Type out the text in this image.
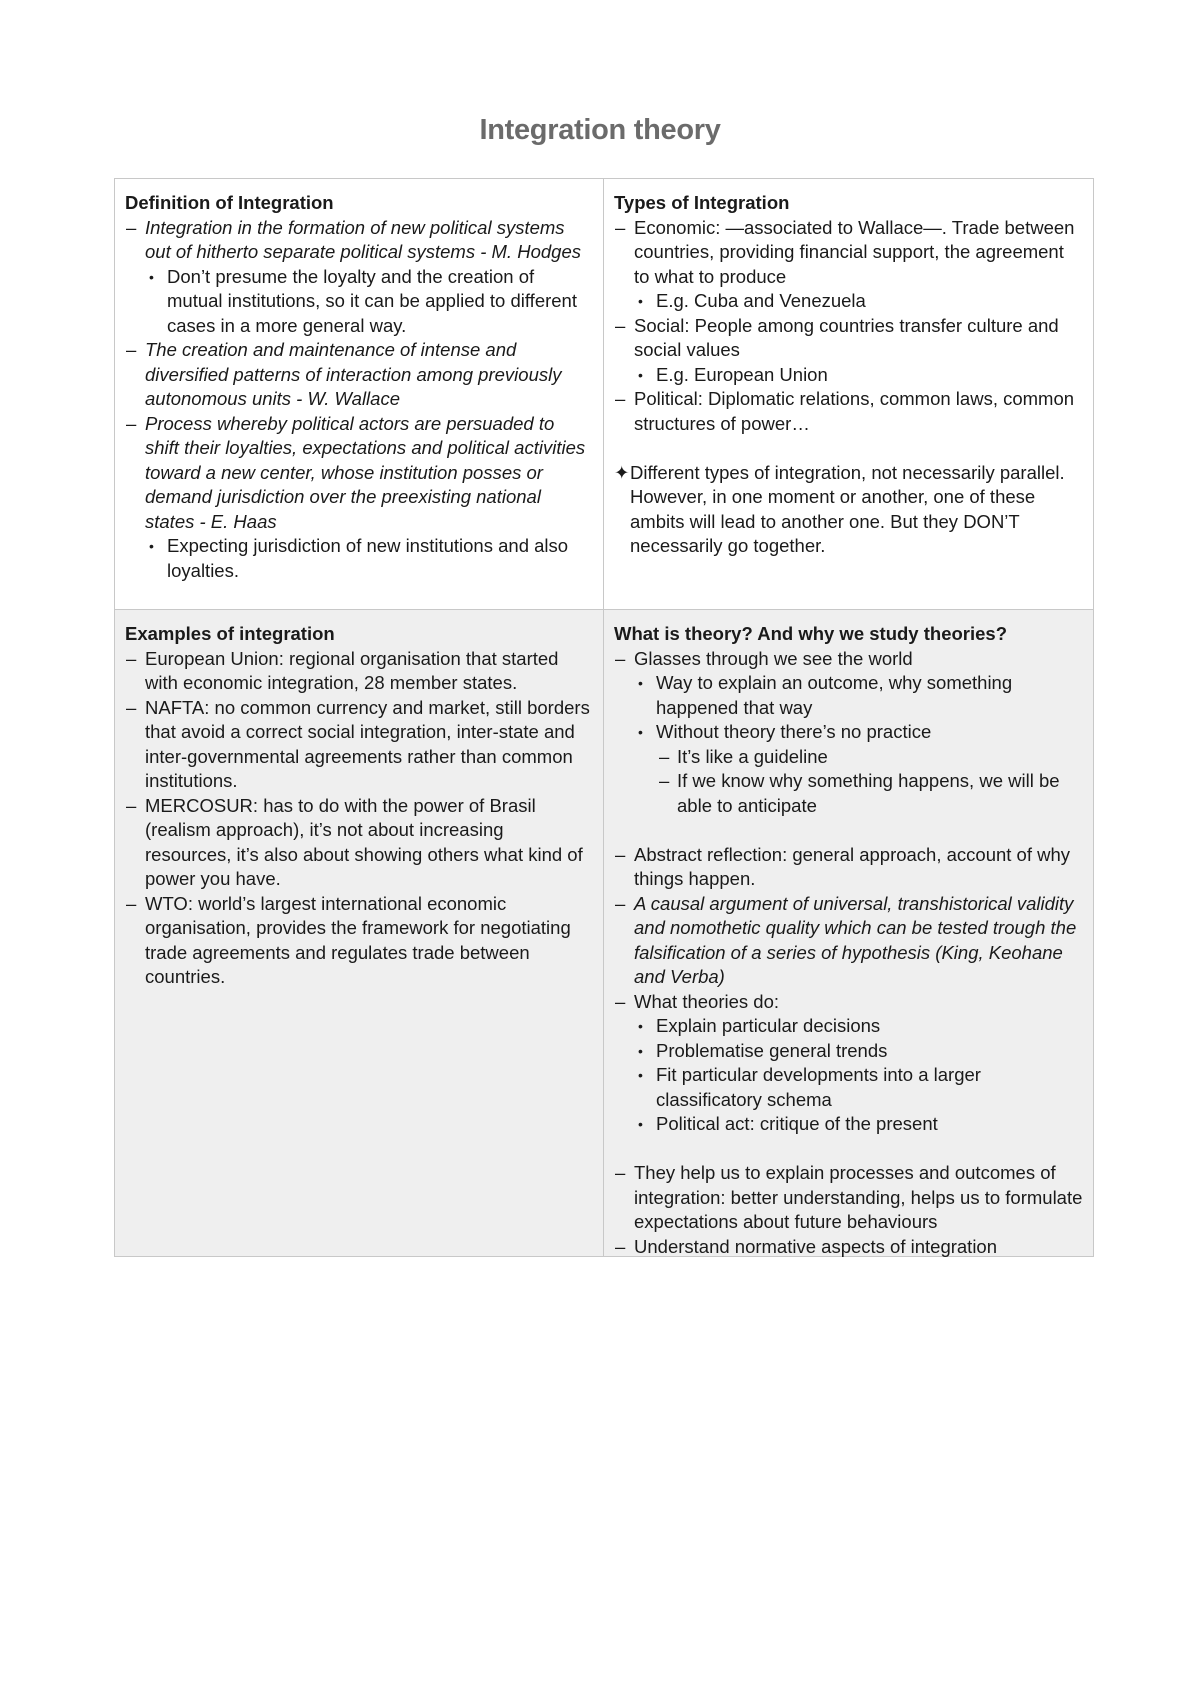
Integration theory

Definition of Integration

– Integration in the formation of new political systems out of hitherto separate political systems - M. Hodges
• Don’t presume the loyalty and the creation of mutual institutions, so it can be applied to different cases in a more general way.
– The creation and maintenance of intense and diversified patterns of interaction among previously autonomous units - W. Wallace
– Process whereby political actors are persuaded to shift their loyalties, expectations and political activities toward a new center, whose institution posses or demand jurisdiction over the preexisting national states - E. Haas
• Expecting jurisdiction of new institutions and also loyalties.

Types of Integration

– Economic: —associated to Wallace—. Trade between countries, providing financial support, the agreement to what to produce
• E.g. Cuba and Venezuela
– Social: People among countries transfer culture and social values
• E.g. European Union
– Political: Diplomatic relations, common laws, common structures of power…
✦ Different types of integration, not necessarily parallel. However, in one moment or another, one of these ambits will lead to another one. But they DON’T necessarily go together.

Examples of integration

– European Union: regional organisation that started with economic integration, 28 member states.
– NAFTA: no common currency and market, still borders that avoid a correct social integration, inter-state and inter-governmental agreements rather than common institutions.
– MERCOSUR: has to do with the power of Brasil (realism approach), it’s not about increasing resources, it’s also about showing others what kind of power you have.
– WTO: world’s largest international economic organisation, provides the framework for negotiating trade agreements and regulates trade between countries.

What is theory? And why we study theories?

– Glasses through we see the world
• Way to explain an outcome, why something happened that way
• Without theory there’s no practice
– It’s like a guideline
– If we know why something happens, we will be able to anticipate
– Abstract reflection: general approach, account of why things happen.
– A causal argument of universal, transhistorical validity and nomothetic quality which can be tested trough the falsification of a series of hypothesis (King, Keohane and Verba)
– What theories do:
• Explain particular decisions
• Problematise general trends
• Fit particular developments into a larger classificatory schema
• Political act: critique of the present
– They help us to explain processes and outcomes of integration: better understanding, helps us to formulate expectations about future behaviours
– Understand normative aspects of integration
